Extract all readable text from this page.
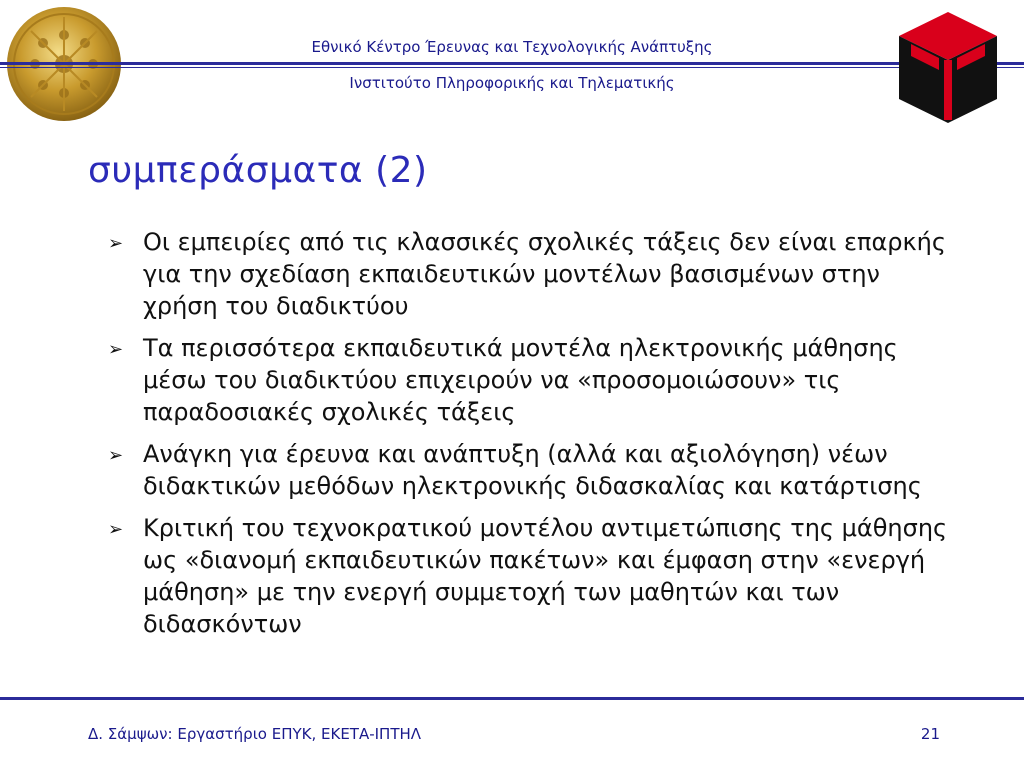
Εθνικό Κέντρο Έρευνας και Τεχνολογικής Ανάπτυξης
Ινστιτούτο Πληροφορικής και Τηλεματικής
συμπεράσματα (2)
➢ Οι εμπειρίες από τις κλασσικές σχολικές τάξεις δεν είναι επαρκής για την σχεδίαση εκπαιδευτικών μοντέλων βασισμένων στην χρήση του διαδικτύου
➢ Τα περισσότερα εκπαιδευτικά μοντέλα ηλεκτρονικής μάθησης μέσω του διαδικτύου επιχειρούν να «προσομοιώσουν» τις παραδοσιακές σχολικές τάξεις
➢ Ανάγκη για έρευνα και ανάπτυξη (αλλά και αξιολόγηση) νέων διδακτικών μεθόδων ηλεκτρονικής διδασκαλίας και κατάρτισης
➢ Κριτική του τεχνοκρατικού μοντέλου αντιμετώπισης της μάθησης ως «διανομή εκπαιδευτικών πακέτων» και έμφαση στην «ενεργή μάθηση» με την ενεργή συμμετοχή των μαθητών και των διδασκόντων
Δ. Σάμψων: Εργαστήριο ΕΠΥΚ, ΕΚΕΤΑ-ΙΠΤΗΛ	21
